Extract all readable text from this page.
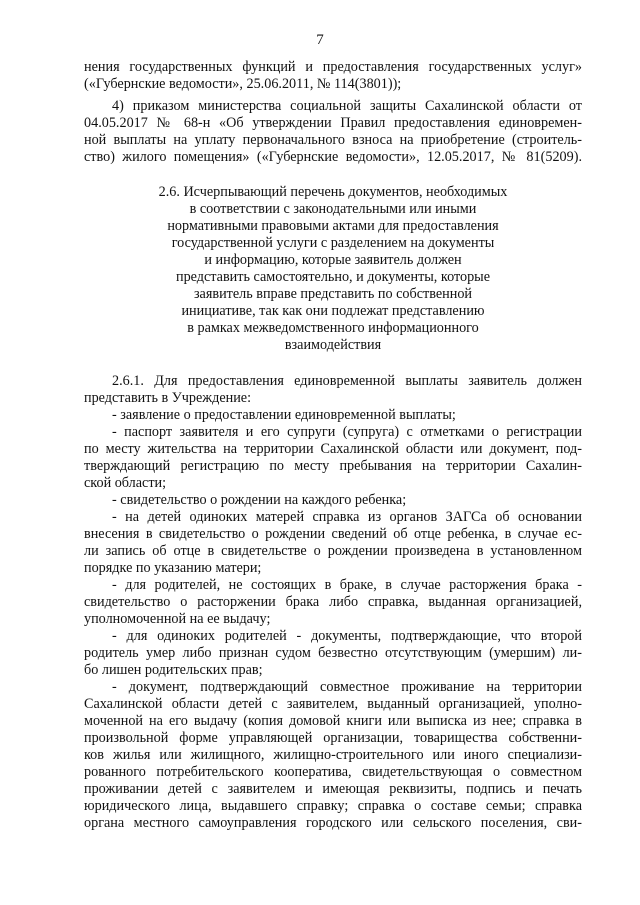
7
нения государственных функций и предоставления государственных услуг»
(«Губернские ведомости», 25.06.2011, № 114(3801));
4) приказом министерства социальной защиты Сахалинской области от
04.05.2017 № 68-н «Об утверждении Правил предоставления единовремен-
ной выплаты на уплату первоначального взноса на приобретение (строитель-
ство) жилого помещения» («Губернские ведомости», 12.05.2017, № 81(5209).
2.6. Исчерпывающий перечень документов, необходимых
в соответствии с законодательными или иными
нормативными правовыми актами для предоставления
государственной услуги с разделением на документы
и информацию, которые заявитель должен
представить самостоятельно, и документы, которые
заявитель вправе представить по собственной
инициативе, так как они подлежат представлению
в рамках межведомственного информационного
взаимодействия
2.6.1. Для предоставления единовременной выплаты заявитель должен
представить в Учреждение:
- заявление о предоставлении единовременной выплаты;
- паспорт заявителя и его супруги (супруга) с отметками о регистрации
по месту жительства на территории Сахалинской области или документ, под-
тверждающий регистрацию по месту пребывания на территории Сахалин-
ской области;
- свидетельство о рождении на каждого ребенка;
- на детей одиноких матерей справка из органов ЗАГСа об основании
внесения в свидетельство о рождении сведений об отце ребенка, в случае ес-
ли запись об отце в свидетельстве о рождении произведена в установленном
порядке по указанию матери;
- для родителей, не состоящих в браке, в случае расторжения брака -
свидетельство о расторжении брака либо справка, выданная организацией,
уполномоченной на ее выдачу;
- для одиноких родителей - документы, подтверждающие, что второй
родитель умер либо признан судом безвестно отсутствующим (умершим) ли-
бо лишен родительских прав;
- документ, подтверждающий совместное проживание на территории
Сахалинской области детей с заявителем, выданный организацией, уполно-
моченной на его выдачу (копия домовой книги или выписка из нее; справка в
произвольной форме управляющей организации, товарищества собственни-
ков жилья или жилищного, жилищно-строительного или иного специализи-
рованного потребительского кооператива, свидетельствующая о совместном
проживании детей с заявителем и имеющая реквизиты, подпись и печать
юридического лица, выдавшего справку; справка о составе семьи; справка
органа местного самоуправления городского или сельского поселения, сви-
